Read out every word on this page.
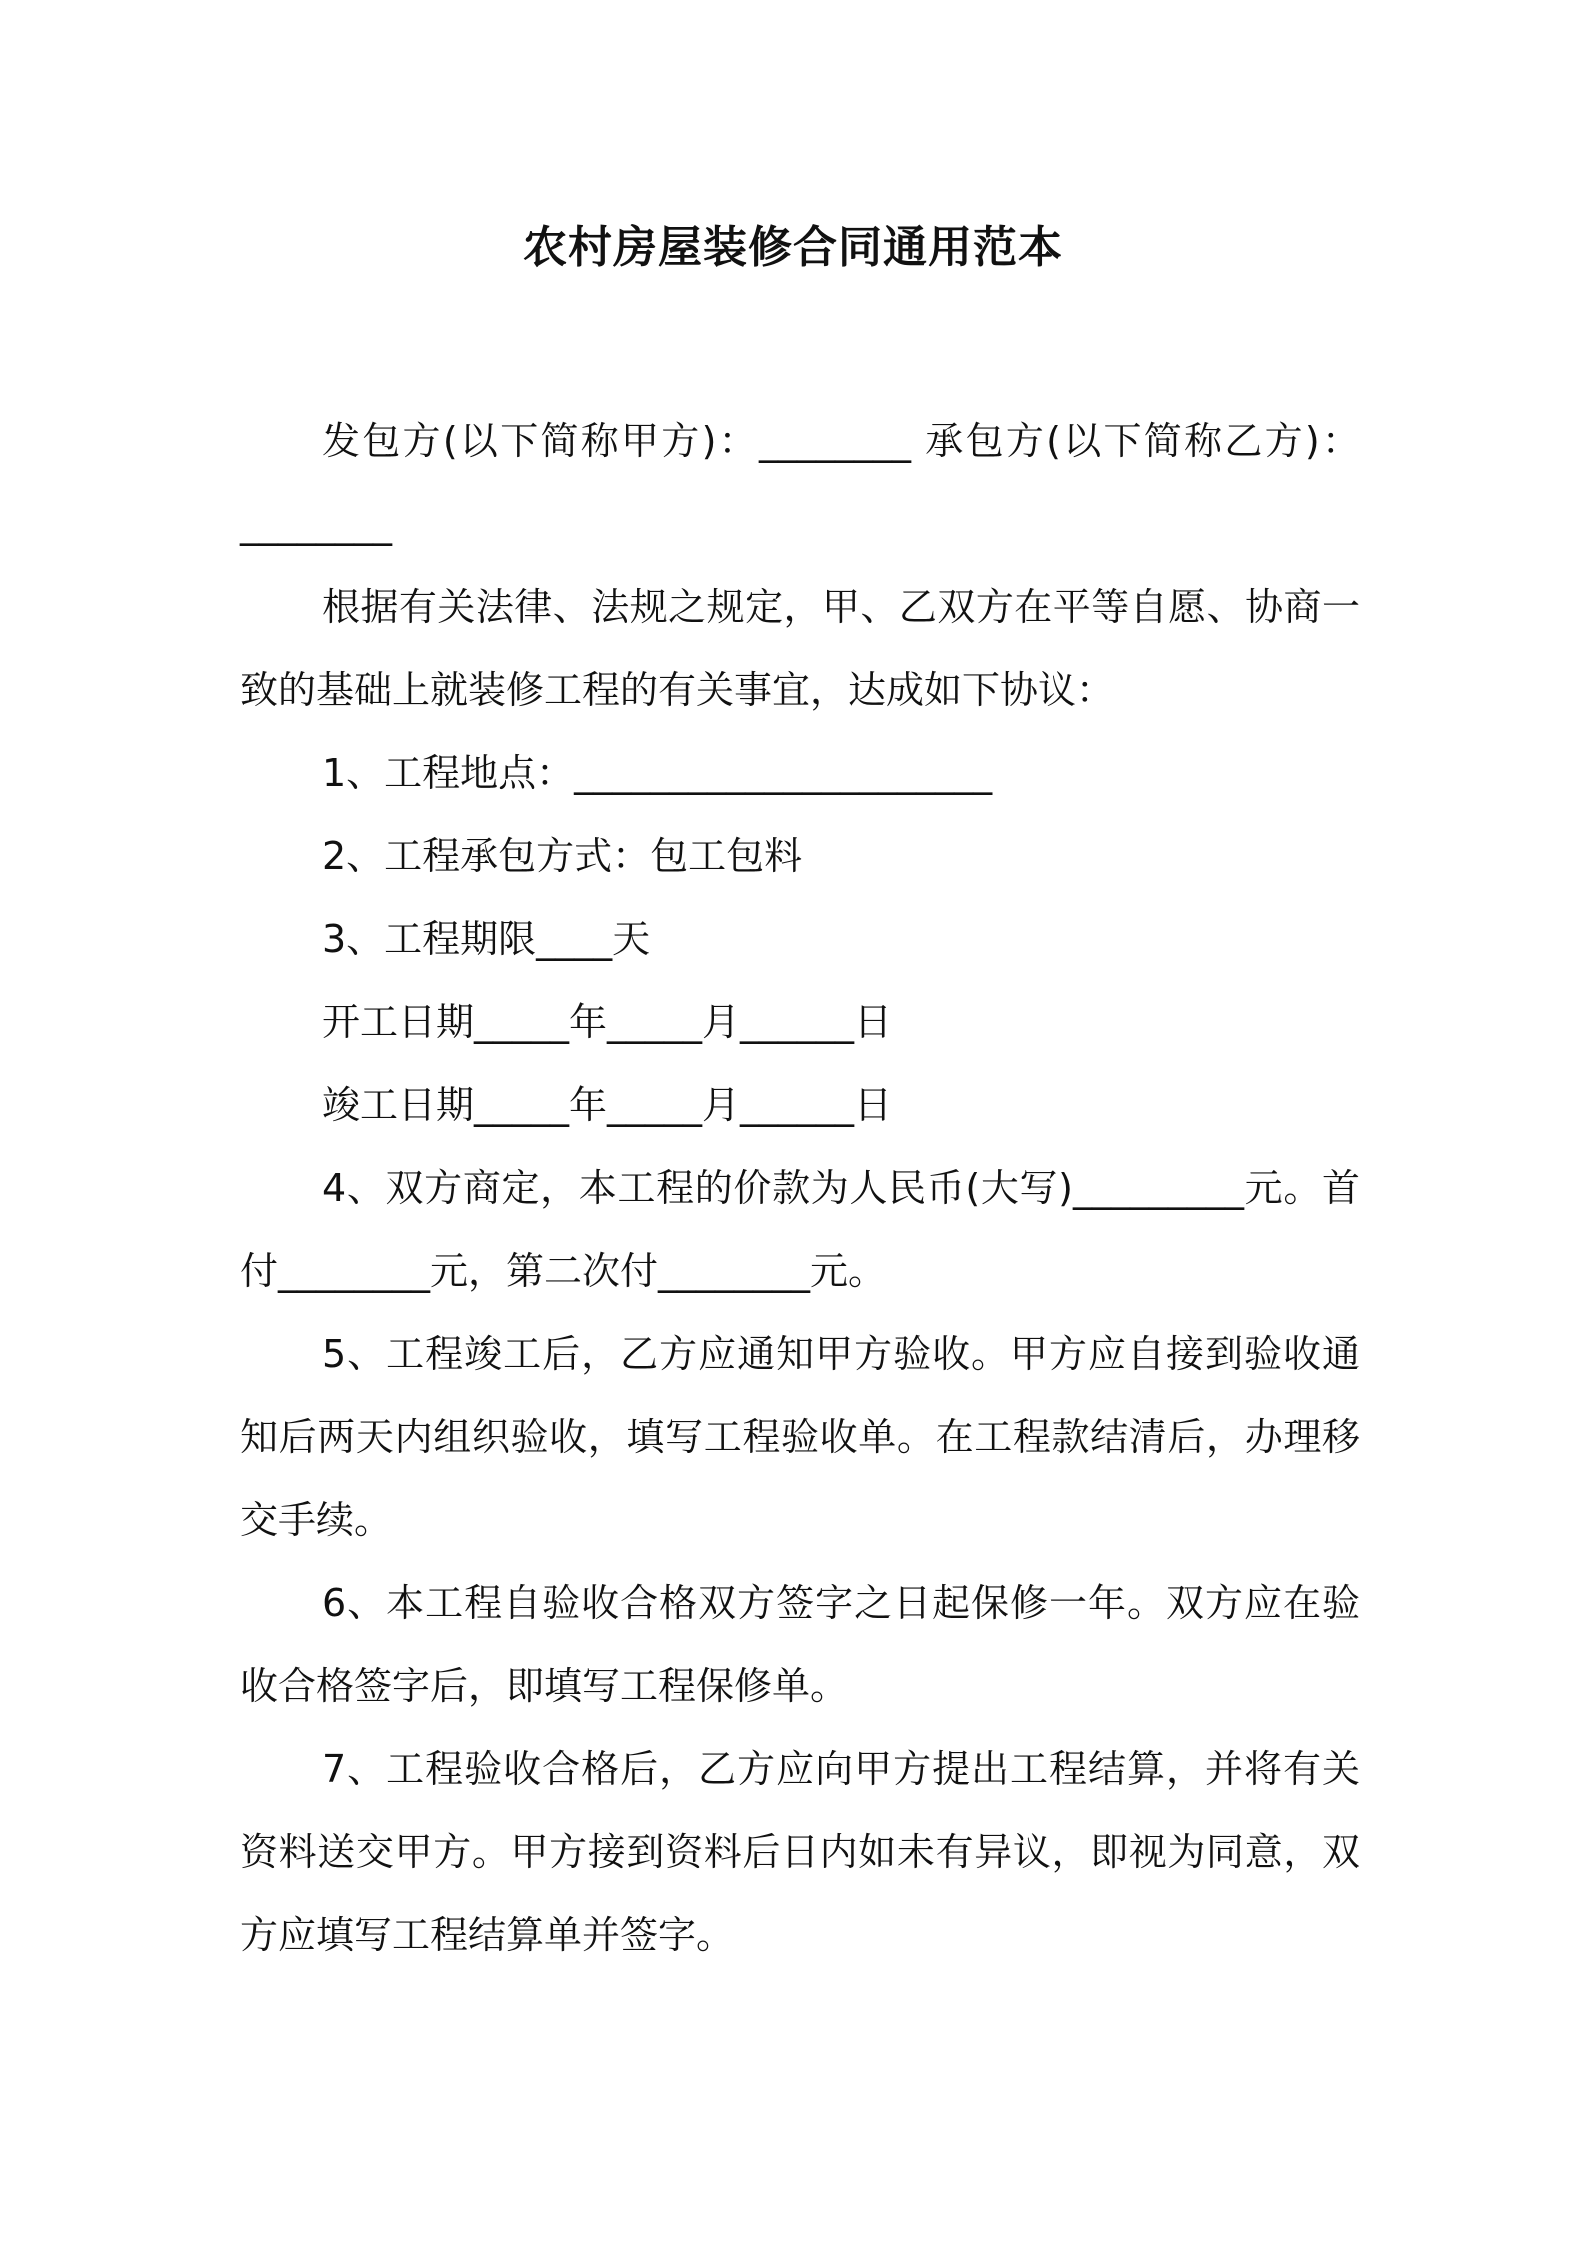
农村房屋装修合同通用范本

发包方(以下简称甲方)：________ 承包方(以下简称乙方)：________

根据有关法律、法规之规定，甲、乙双方在平等自愿、协商一致的基础上就装修工程的有关事宜，达成如下协议：

1、工程地点：______________________

2、工程承包方式：包工包料

3、工程期限____天

开工日期_____年_____月______日

竣工日期_____年_____月______日

4、双方商定，本工程的价款为人民币(大写)_________元。首付________元，第二次付________元。

5、工程竣工后，乙方应通知甲方验收。甲方应自接到验收通知后两天内组织验收，填写工程验收单。在工程款结清后，办理移交手续。

6、本工程自验收合格双方签字之日起保修一年。双方应在验收合格签字后，即填写工程保修单。

7、工程验收合格后，乙方应向甲方提出工程结算，并将有关资料送交甲方。甲方接到资料后日内如未有异议，即视为同意，双方应填写工程结算单并签字。
